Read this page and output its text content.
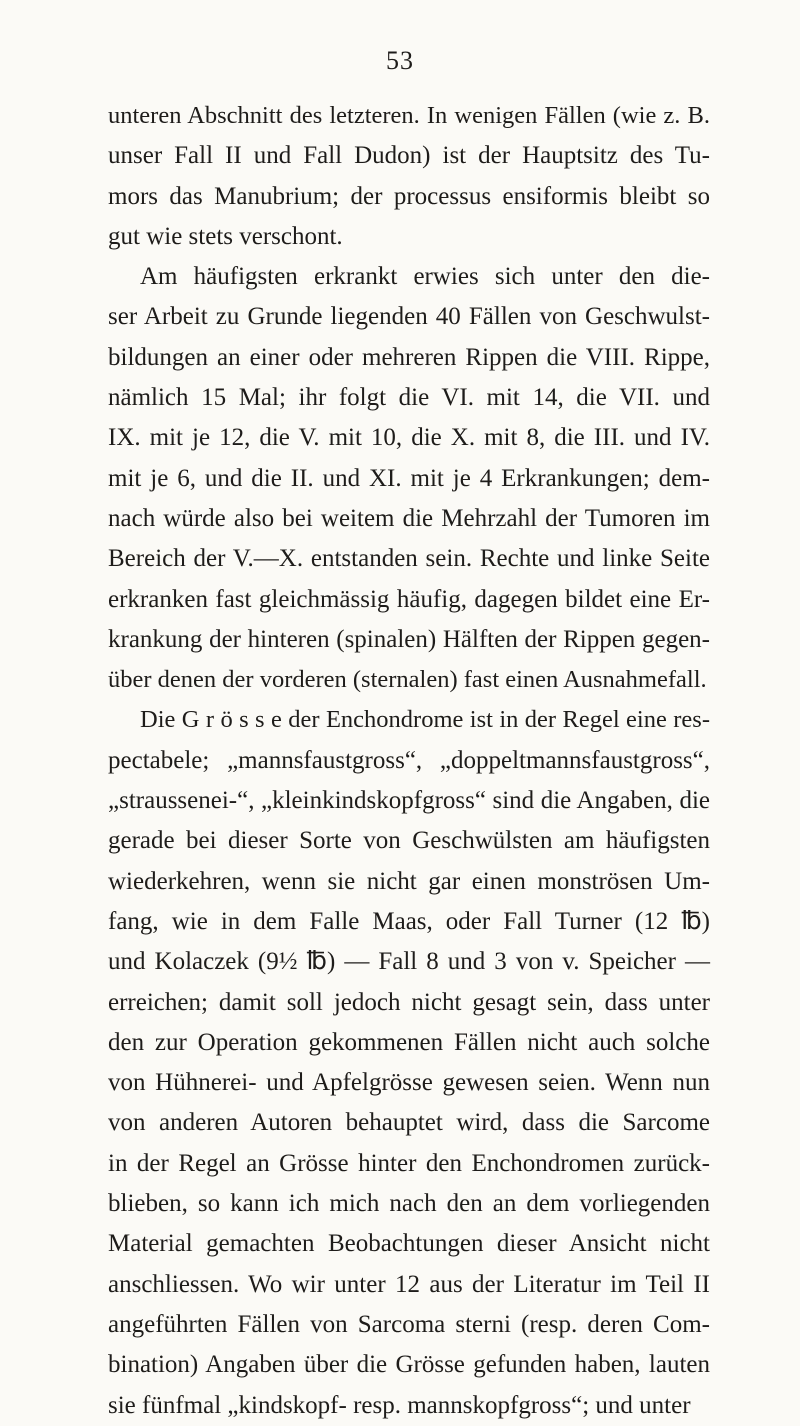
53
unteren Abschnitt des letzteren. In wenigen Fällen (wie z. B.
unser Fall II und Fall Dudon) ist der Hauptsitz des Tu-
mors das Manubrium; der processus ensiformis bleibt so
gut wie stets verschont.
Am häufigsten erkrankt erwies sich unter den die-
ser Arbeit zu Grunde liegenden 40 Fällen von Geschwulst-
bildungen an einer oder mehreren Rippen die VIII. Rippe,
nämlich 15 Mal; ihr folgt die VI. mit 14, die VII. und
IX. mit je 12, die V. mit 10, die X. mit 8, die III. und IV.
mit je 6, und die II. und XI. mit je 4 Erkrankungen; dem-
nach würde also bei weitem die Mehrzahl der Tumoren im
Bereich der V.—X. entstanden sein. Rechte und linke Seite
erkranken fast gleichmässig häufig, dagegen bildet eine Er-
krankung der hinteren (spinalen) Hälften der Rippen gegen-
über denen der vorderen (sternalen) fast einen Ausnahmefall.
Die G r ö s s e der Enchondrome ist in der Regel eine res-
pectabele; „mannsfaustgross“, „doppeltmannsfaustgross“,
„straussenei-“, „kleinkindskopfgross“ sind die Angaben, die
gerade bei dieser Sorte von Geschwülsten am häufigsten
wiederkehren, wenn sie nicht gar einen monströsen Um-
fang, wie in dem Falle Maas, oder Fall Turner (12 ℔)
und Kolaczek (9½ ℔) — Fall 8 und 3 von v. Speicher —
erreichen; damit soll jedoch nicht gesagt sein, dass unter
den zur Operation gekommenen Fällen nicht auch solche
von Hühnerei- und Apfelgrösse gewesen seien. Wenn nun
von anderen Autoren behauptet wird, dass die Sarcome
in der Regel an Grösse hinter den Enchondromen zurück-
blieben, so kann ich mich nach den an dem vorliegenden
Material gemachten Beobachtungen dieser Ansicht nicht
anschliessen. Wo wir unter 12 aus der Literatur im Teil II
angeführten Fällen von Sarcoma sterni (resp. deren Com-
bination) Angaben über die Grösse gefunden haben, lauten
sie fünfmal „kindskopf- resp. mannskopfgross“; und unter
